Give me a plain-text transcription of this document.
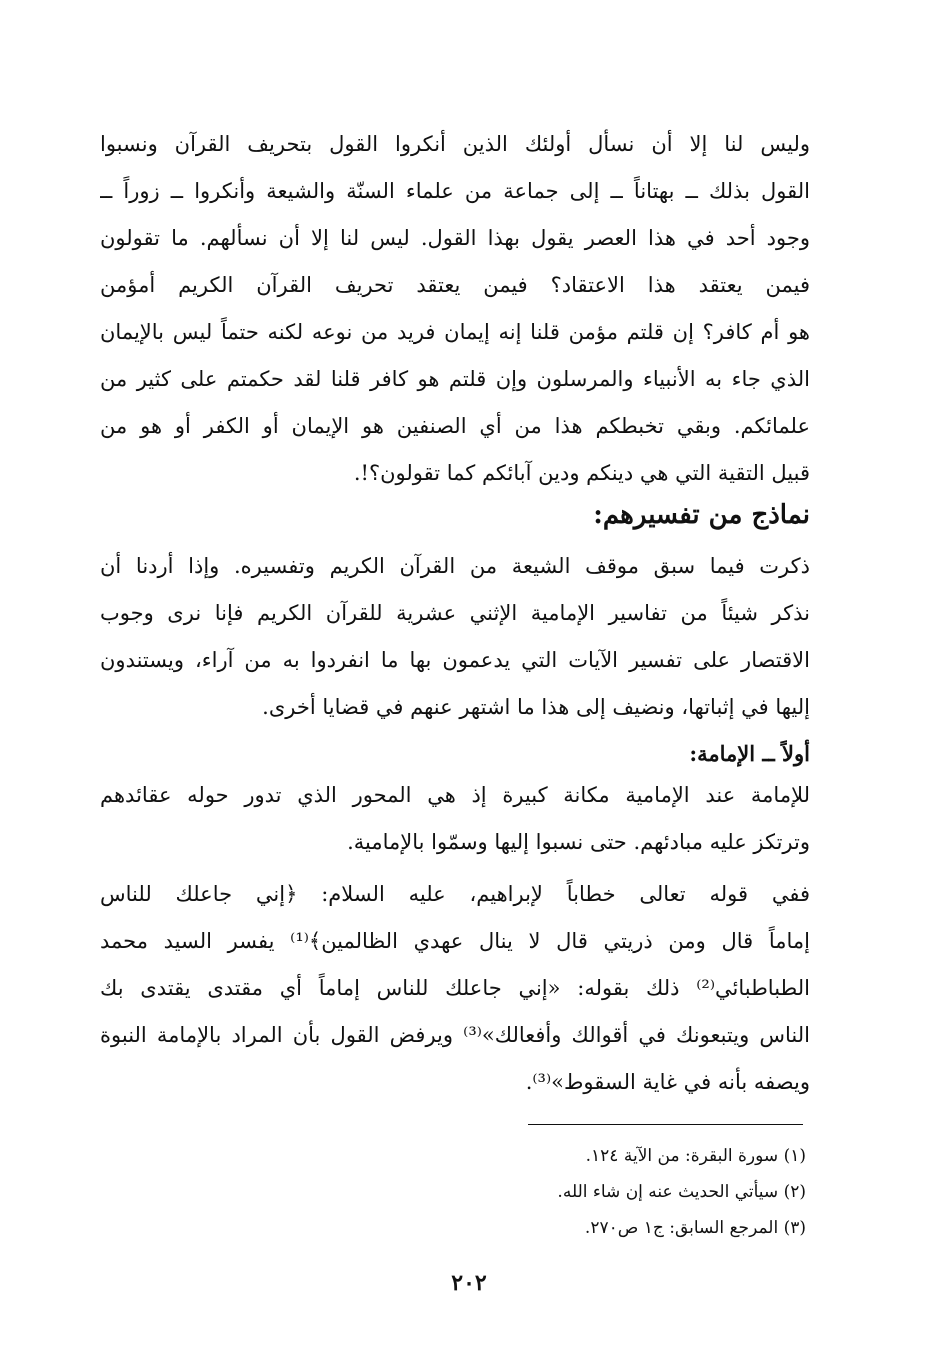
وليس لنا إلا أن نسأل أولئك الذين أنكروا القول بتحريف القرآن ونسبوا
القول بذلك ــ بهتاناً ــ إلى جماعة من علماء السنّة والشيعة وأنكروا ــ زوراً ــ
وجود أحد في هذا العصر يقول بهذا القول. ليس لنا إلا أن نسألهم. ما تقولون
فيمن يعتقد هذا الاعتقاد؟ فيمن يعتقد تحريف القرآن الكريم أمؤمن
هو أم كافر؟ إن قلتم مؤمن قلنا إنه إيمان فريد من نوعه لكنه حتماً ليس بالإيمان
الذي جاء به الأنبياء والمرسلون وإن قلتم هو كافر قلنا لقد حكمتم على كثير من
علمائكم. وبقي تخبطكم هذا من أي الصنفين هو الإيمان أو الكفر أو هو من
قبيل التقية التي هي دينكم ودين آبائكم كما تقولون؟!.
نماذج من تفسيرهم:
ذكرت فيما سبق موقف الشيعة من القرآن الكريم وتفسيره. وإذا أردنا أن
نذكر شيئاً من تفاسير الإمامية الإثني عشرية للقرآن الكريم فإنا نرى وجوب
الاقتصار على تفسير الآيات التي يدعمون بها ما انفردوا به من آراء، ويستندون
إليها في إثباتها، ونضيف إلى هذا ما اشتهر عنهم في قضايا أخرى.
أولاً ــ الإمامة:
للإمامة عند الإمامية مكانة كبيرة إذ هي المحور الذي تدور حوله عقائدهم
وترتكز عليه مبادئهم. حتى نسبوا إليها وسمّوا بالإمامية.
ففي قوله تعالى خطاباً لإبراهيم، عليه السلام: ﴿إني جاعلك للناس
إماماً قال ومن ذريتي قال لا ينال عهدي الظالمين﴾⁽¹⁾ يفسر السيد محمد
الطباطبائي⁽²⁾ ذلك بقوله: «إني جاعلك للناس إماماً أي مقتدى يقتدى بك
الناس ويتبعونك في أقوالك وأفعالك»⁽³⁾ ويرفض القول بأن المراد بالإمامة النبوة
ويصفه بأنه في غاية السقوط»⁽³⁾.
(١) سورة البقرة: من الآية ١٢٤.
(٢) سيأتي الحديث عنه إن شاء الله.
(٣) المرجع السابق: ج١ ص٢٧٠.
٢٠٢
